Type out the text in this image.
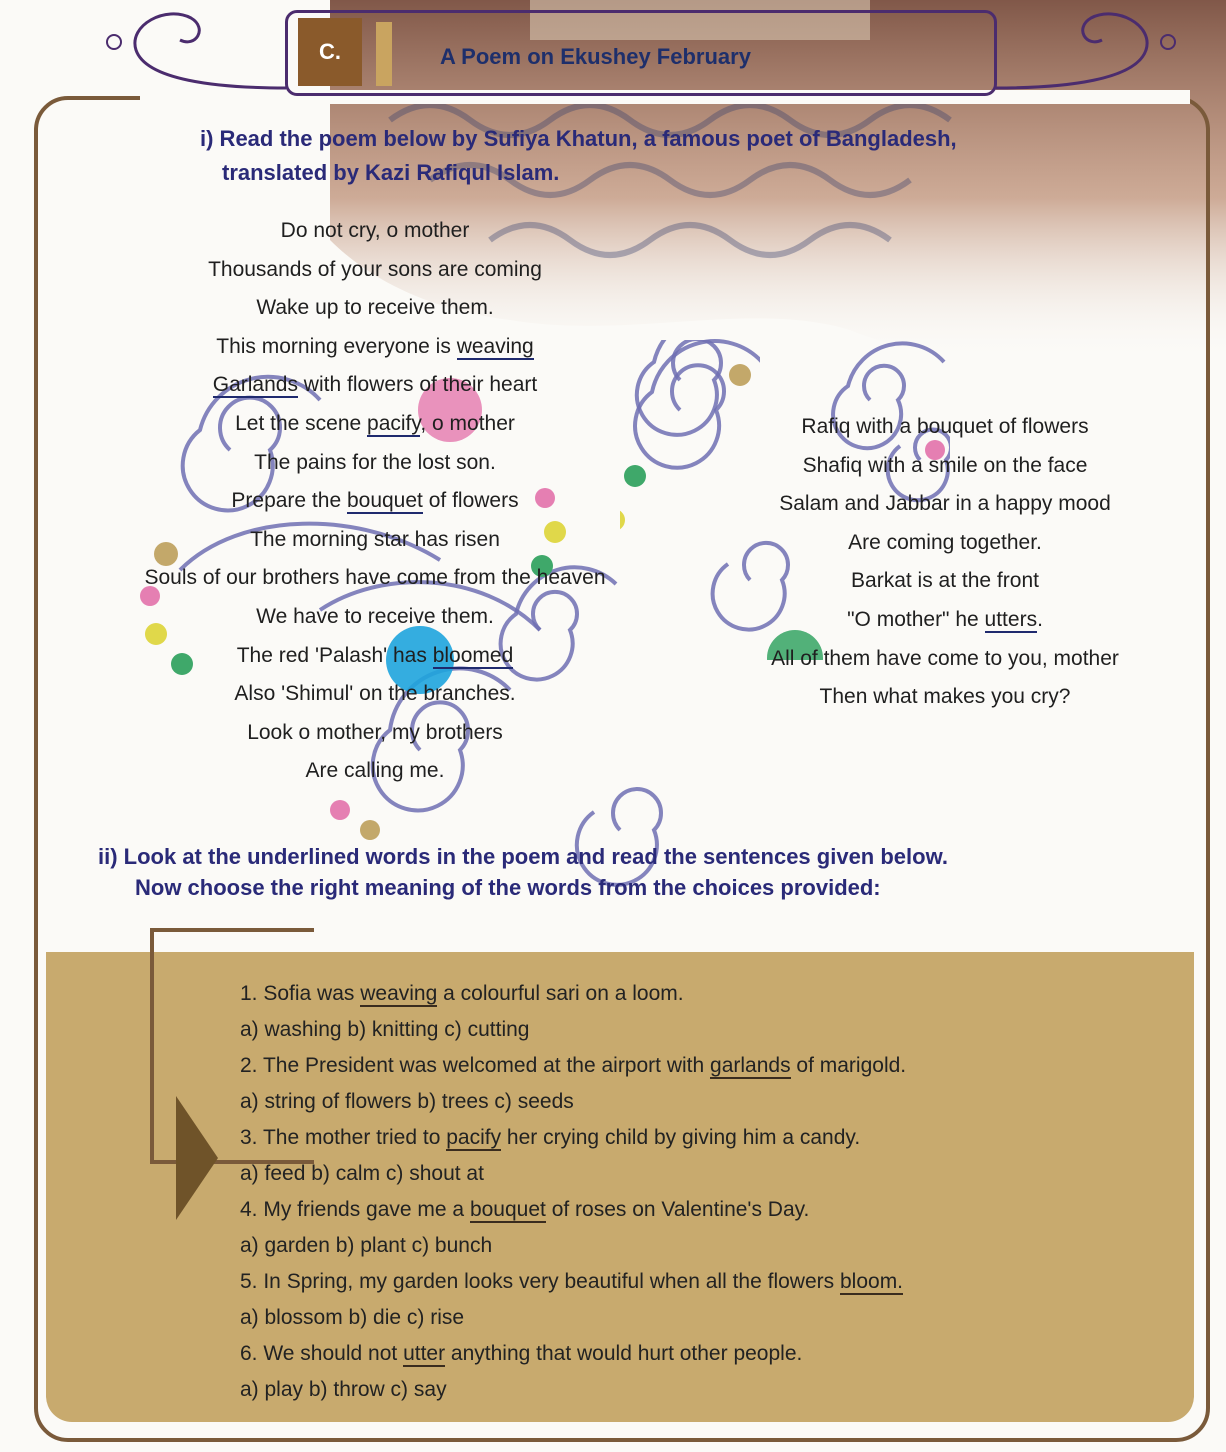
C.	A Poem on Ekushey February
i) Read the poem below by Sufiya Khatun, a famous poet of Bangladesh,
translated by Kazi Rafiqul Islam.
Do not cry, o mother
Thousands of your sons are coming
Wake up to receive them.
This morning everyone is weaving
Garlands with flowers of their heart
Let the scene pacify, o mother
The pains for the lost son.
Prepare the bouquet of flowers
The morning star has risen
Souls of our brothers have come from the heaven
We have to receive them.
The red 'Palash' has bloomed
Also 'Shimul' on the branches.
Look o mother, my brothers
Are calling me.
Rafiq with a bouquet of flowers
Shafiq with a smile on the face
Salam and Jabbar in a happy mood
Are coming together.
Barkat is at the front
"O mother" he utters.
All of them have come to you, mother
Then what makes you cry?
ii) Look at the underlined words in the poem and read the sentences given below.
Now choose the right meaning of the words from the choices provided:
1. Sofia was weaving a colourful sari on a loom.
a) washing b) knitting c) cutting
2. The President was welcomed at the airport with garlands of marigold.
a) string of flowers b) trees c) seeds
3. The mother tried to pacify her crying child by giving him a candy.
a) feed b) calm c) shout at
4. My friends gave me a bouquet of roses on Valentine's Day.
a) garden b) plant c) bunch
5. In Spring, my garden looks very beautiful when all the flowers bloom.
a) blossom b) die c) rise
6. We should not utter anything that would hurt other people.
a) play b) throw c) say
